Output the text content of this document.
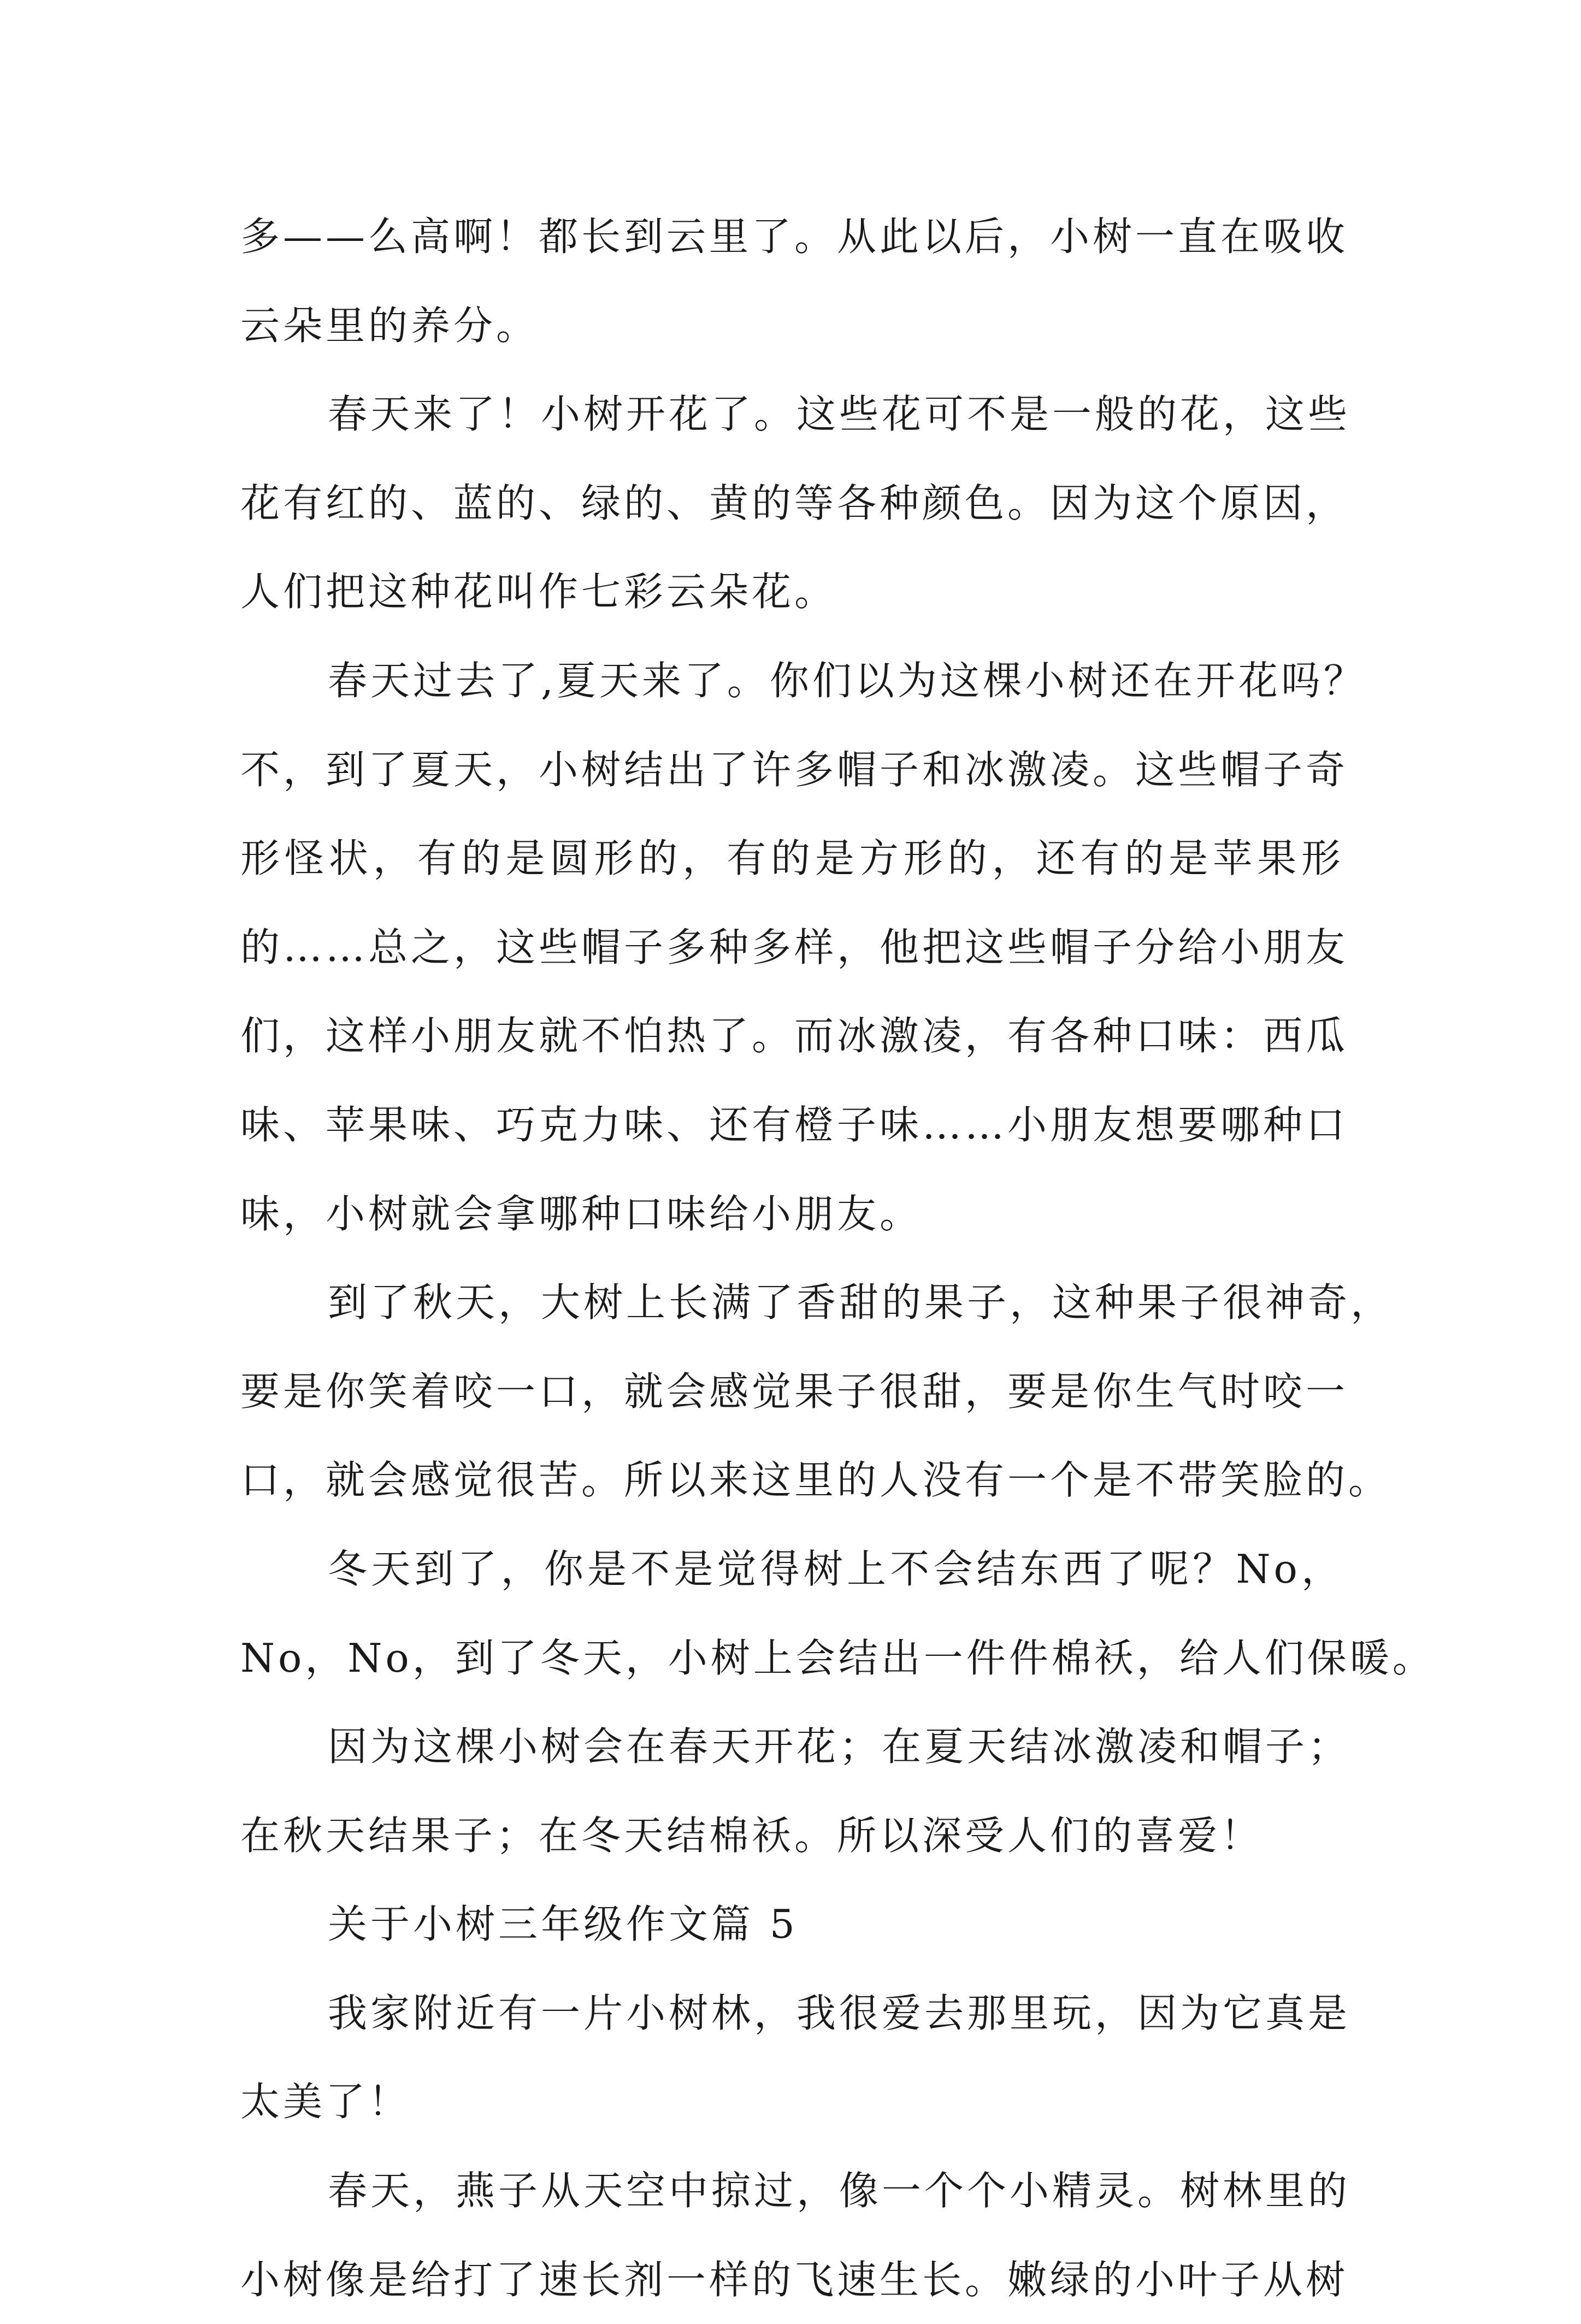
多——么高啊！都长到云里了。从此以后，小树一直在吸收
云朵里的养分。
春天来了！小树开花了。这些花可不是一般的花，这些
花有红的、蓝的、绿的、黄的等各种颜色。因为这个原因，
人们把这种花叫作七彩云朵花。
春天过去了,夏天来了。你们以为这棵小树还在开花吗？
不，到了夏天，小树结出了许多帽子和冰激凌。这些帽子奇
形怪状，有的是圆形的，有的是方形的，还有的是苹果形
的……总之，这些帽子多种多样，他把这些帽子分给小朋友
们，这样小朋友就不怕热了。而冰激凌，有各种口味：西瓜
味、苹果味、巧克力味、还有橙子味……小朋友想要哪种口
味，小树就会拿哪种口味给小朋友。
到了秋天，大树上长满了香甜的果子，这种果子很神奇，
要是你笑着咬一口，就会感觉果子很甜，要是你生气时咬一
口，就会感觉很苦。所以来这里的人没有一个是不带笑脸的。
冬天到了，你是不是觉得树上不会结东西了呢？No，
No，No，到了冬天，小树上会结出一件件棉袄，给人们保暖。
因为这棵小树会在春天开花；在夏天结冰激凌和帽子；
在秋天结果子；在冬天结棉袄。所以深受人们的喜爱！
关于小树三年级作文篇 5
我家附近有一片小树林，我很爱去那里玩，因为它真是
太美了！
春天，燕子从天空中掠过，像一个个小精灵。树林里的
小树像是给打了速长剂一样的飞速生长。嫩绿的小叶子从树
